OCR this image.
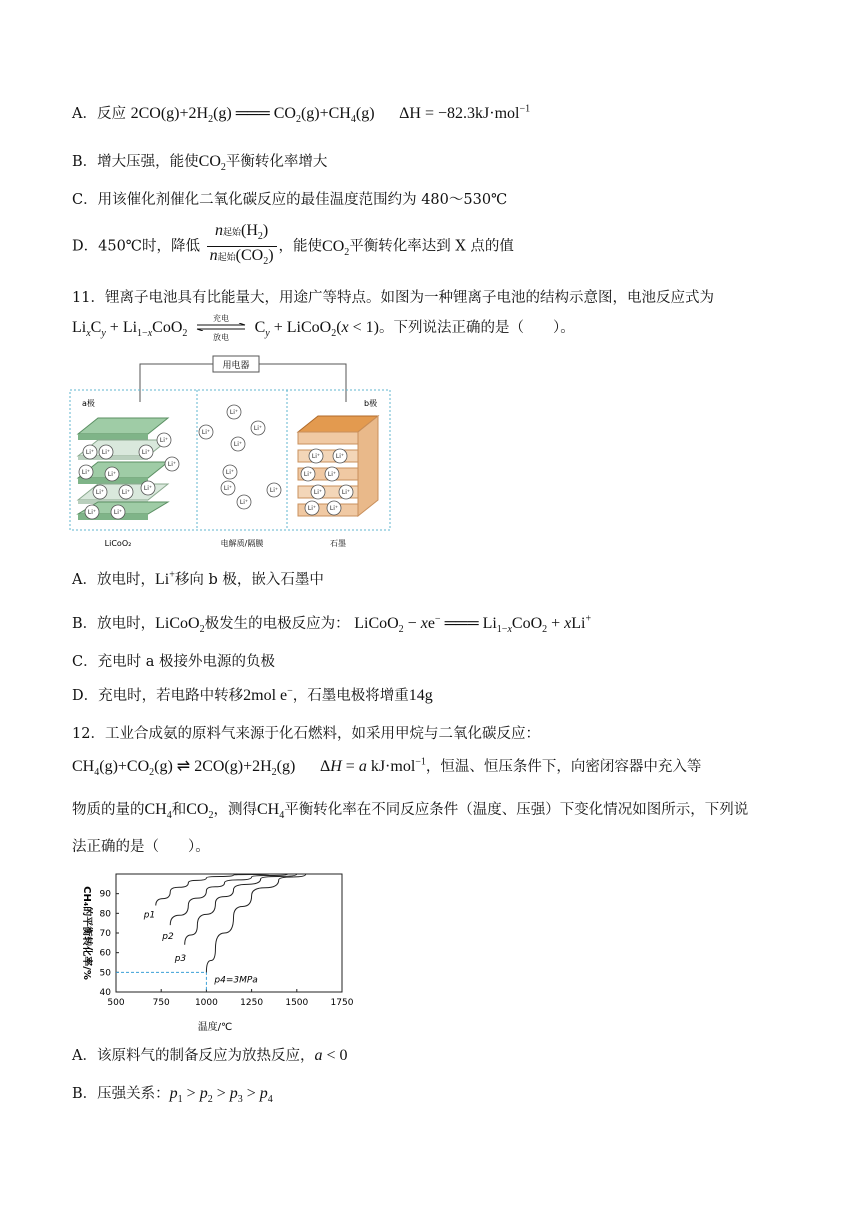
A．反应 $2CO(g)+2H_2(g)$ ═══ $CO_2(g)+CH_4(g) \Delta H = -82.3kJ\cdot mol^{-1}$
B．增大压强，能使$CO_2$平衡转化率增大
C．用该催化剂催化二氧化碳反应的最佳温度范围约为 480～530℃
D．450℃时，降低 $\frac{n起始(H_2)}{n起始(CO_2)}$ ，能使$CO_2$平衡转化率达到 X 点的值
11．锂离子电池具有比能量大，用途广等特点。如图为一种锂离子电池的结构示意图，电池反应式为
$Li_xC_y + Li_{1-x}CoO_2$ 充电

放电 $C_y$ + LiCoO$_2$(x < 1)。下列说法正确的是（　　）。
用电器
a极	b极
Li⁺
Li⁺
Li⁺
Li⁺
Li⁺
Li⁺	Li⁺
Li⁺
Li⁺ Li⁺	Li⁺
Li⁺
Li⁺	Li⁺
Li⁺
Li⁺	Li⁺
Li⁺
Li⁺	Li⁺
Li⁺	Li⁺
Li⁺	Li⁺
Li⁺	Li⁺
Li⁺ Li⁺
LiCoO₂	电解质/隔膜	石墨
A．放电时，Li+移向 b 极，嵌入石墨中
B．放电时，LiCoO$_2$极发生的电极反应为： LiCoO$_2$ − xe− ═══ $Li_{1-x}CoO_2 + xLi^+$
C．充电时 a 极接外电源的负极
D．充电时，若电路中转移2mol e−，石墨电极将增重14g
12．工业合成氨的原料气来源于化石燃料，如采用甲烷与二氧化碳反应：
$CH_4(g)+CO_2(g)$ ⇌ $2CO(g)+2H_2(g) \Delta H = a$ kJ·mol$^{-1}$，恒温、恒压条件下，向密闭容器中充入等
物质的量的$CH_4$和$CO_2$，测得$CH_4$平衡转化率在不同反应条件（温度、压强）下变化情况如图所示，下列说
法正确的是（　　）。
500	750	1000 1250 1500 1750
40
50
60
70
80
90
温度/℃
CH₄的平衡转化率/%	p1
p2
p3
p4=3MPa
A．该原料气的制备反应为放热反应，a < 0
B．压强关系：$p_1 > p_2 > p_3 > p_4$
